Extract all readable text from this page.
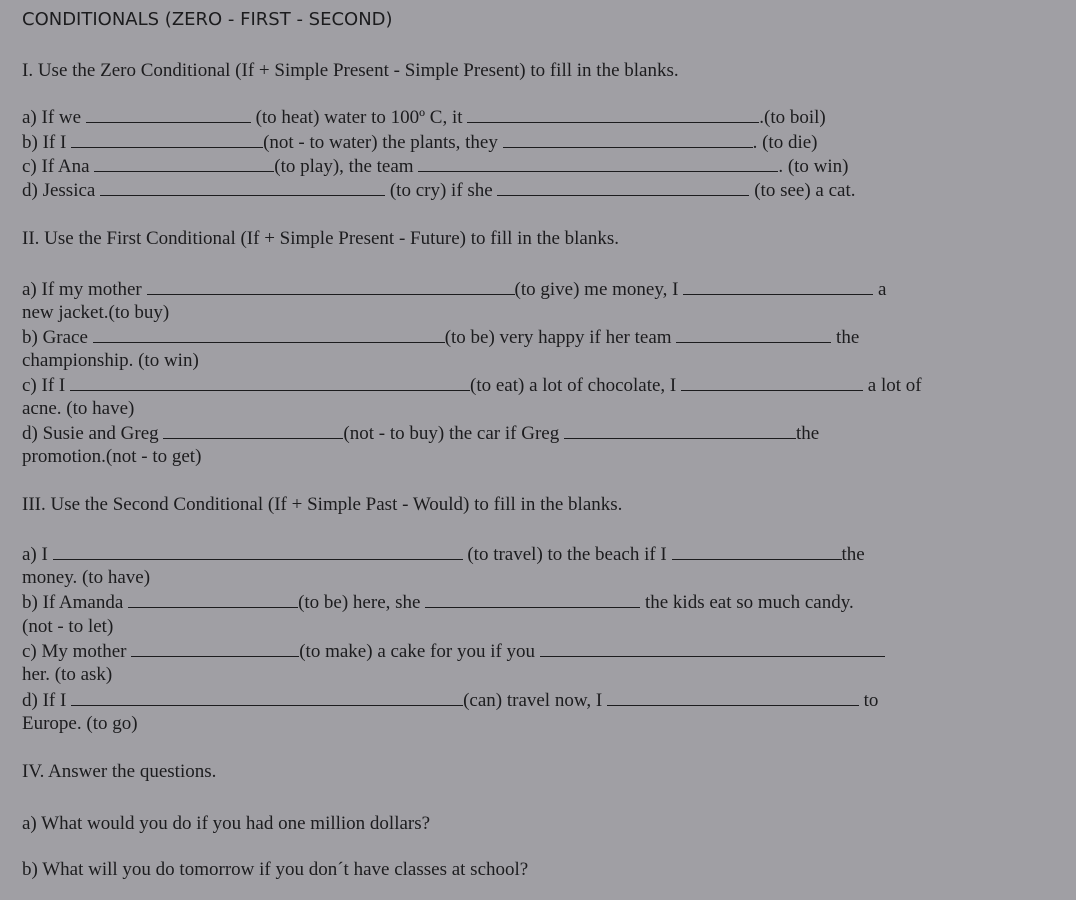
CONDITIONALS (ZERO - FIRST - SECOND)
I. Use the Zero Conditional (If + Simple Present - Simple Present) to fill in the blanks.
a) If we	(to heat) water to 100º C, it	.(to boil)
b) If I	(not - to water) the plants, they	. (to die)
c) If Ana	(to play), the team	. (to win)
d) Jessica	(to cry) if she	(to see) a cat.
II. Use the First Conditional (If + Simple Present - Future) to fill in the blanks.
a) If my mother	(to give) me money, I	a
new jacket.(to buy)
b) Grace	(to be) very happy if her team	the
championship. (to win)
c) If I	(to eat) a lot of chocolate, I	a lot of
acne. (to have)
d) Susie and Greg	(not - to buy) the car if Greg	the
promotion.(not - to get)
III. Use the Second Conditional (If + Simple Past - Would) to fill in the blanks.
a) I	(to travel) to the beach if I	the
money. (to have)
b) If Amanda	(to be) here, she	the kids eat so much candy.
(not - to let)
c) My mother	(to make) a cake for you if you
her. (to ask)
d) If I	(can) travel now, I	to
Europe. (to go)
IV. Answer the questions.
a) What would you do if you had one million dollars?
b) What will you do tomorrow if you don´t have classes at school?
